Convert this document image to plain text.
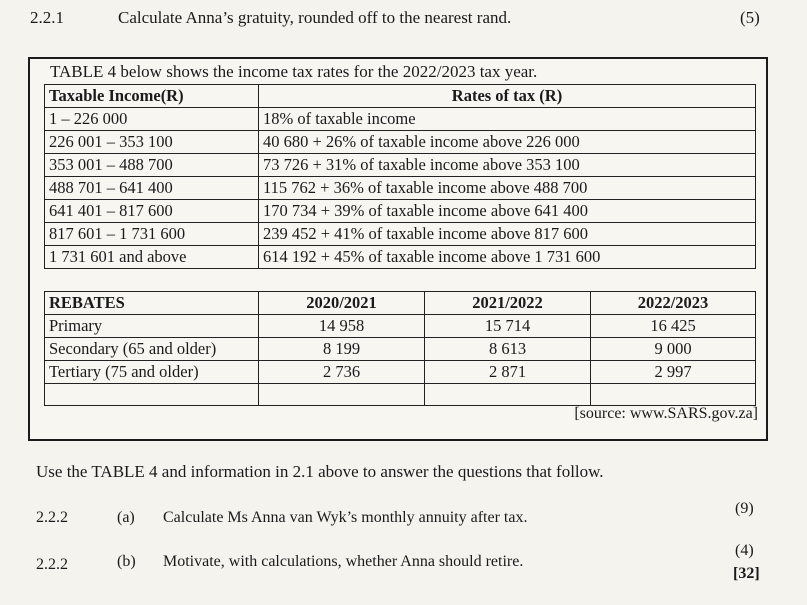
2.2.1	Calculate Anna’s gratuity, rounded off to the nearest rand.	(5)
TABLE 4 below shows the income tax rates for the 2022/2023 tax year.
Taxable Income(R)	Rates of tax (R)
1 – 226 000	18% of taxable income
226 001 – 353 100	40 680 + 26% of taxable income above 226 000
353 001 – 488 700	73 726 + 31% of taxable income above 353 100
488 701 – 641 400	115 762 + 36% of taxable income above 488 700
641 401 – 817 600	170 734 + 39% of taxable income above 641 400
817 601 – 1 731 600	239 452 + 41% of taxable income above 817 600
1 731 601 and above	614 192 + 45% of taxable income above 1 731 600
REBATES	2020/2021	2021/2022	2022/2023
Primary	14 958	15 714	16 425
Secondary (65 and older)	8 199	8 613	9 000
Tertiary (75 and older)	2 736	2 871	2 997

[source: www.SARS.gov.za]
Use the TABLE 4 and information in 2.1 above to answer the questions that follow.
2.2.2	(a) Calculate Ms Anna van Wyk’s monthly annuity after tax.
(9)
2.2.2	(b) Motivate, with calculations, whether Anna should retire.
(4)
[32]
